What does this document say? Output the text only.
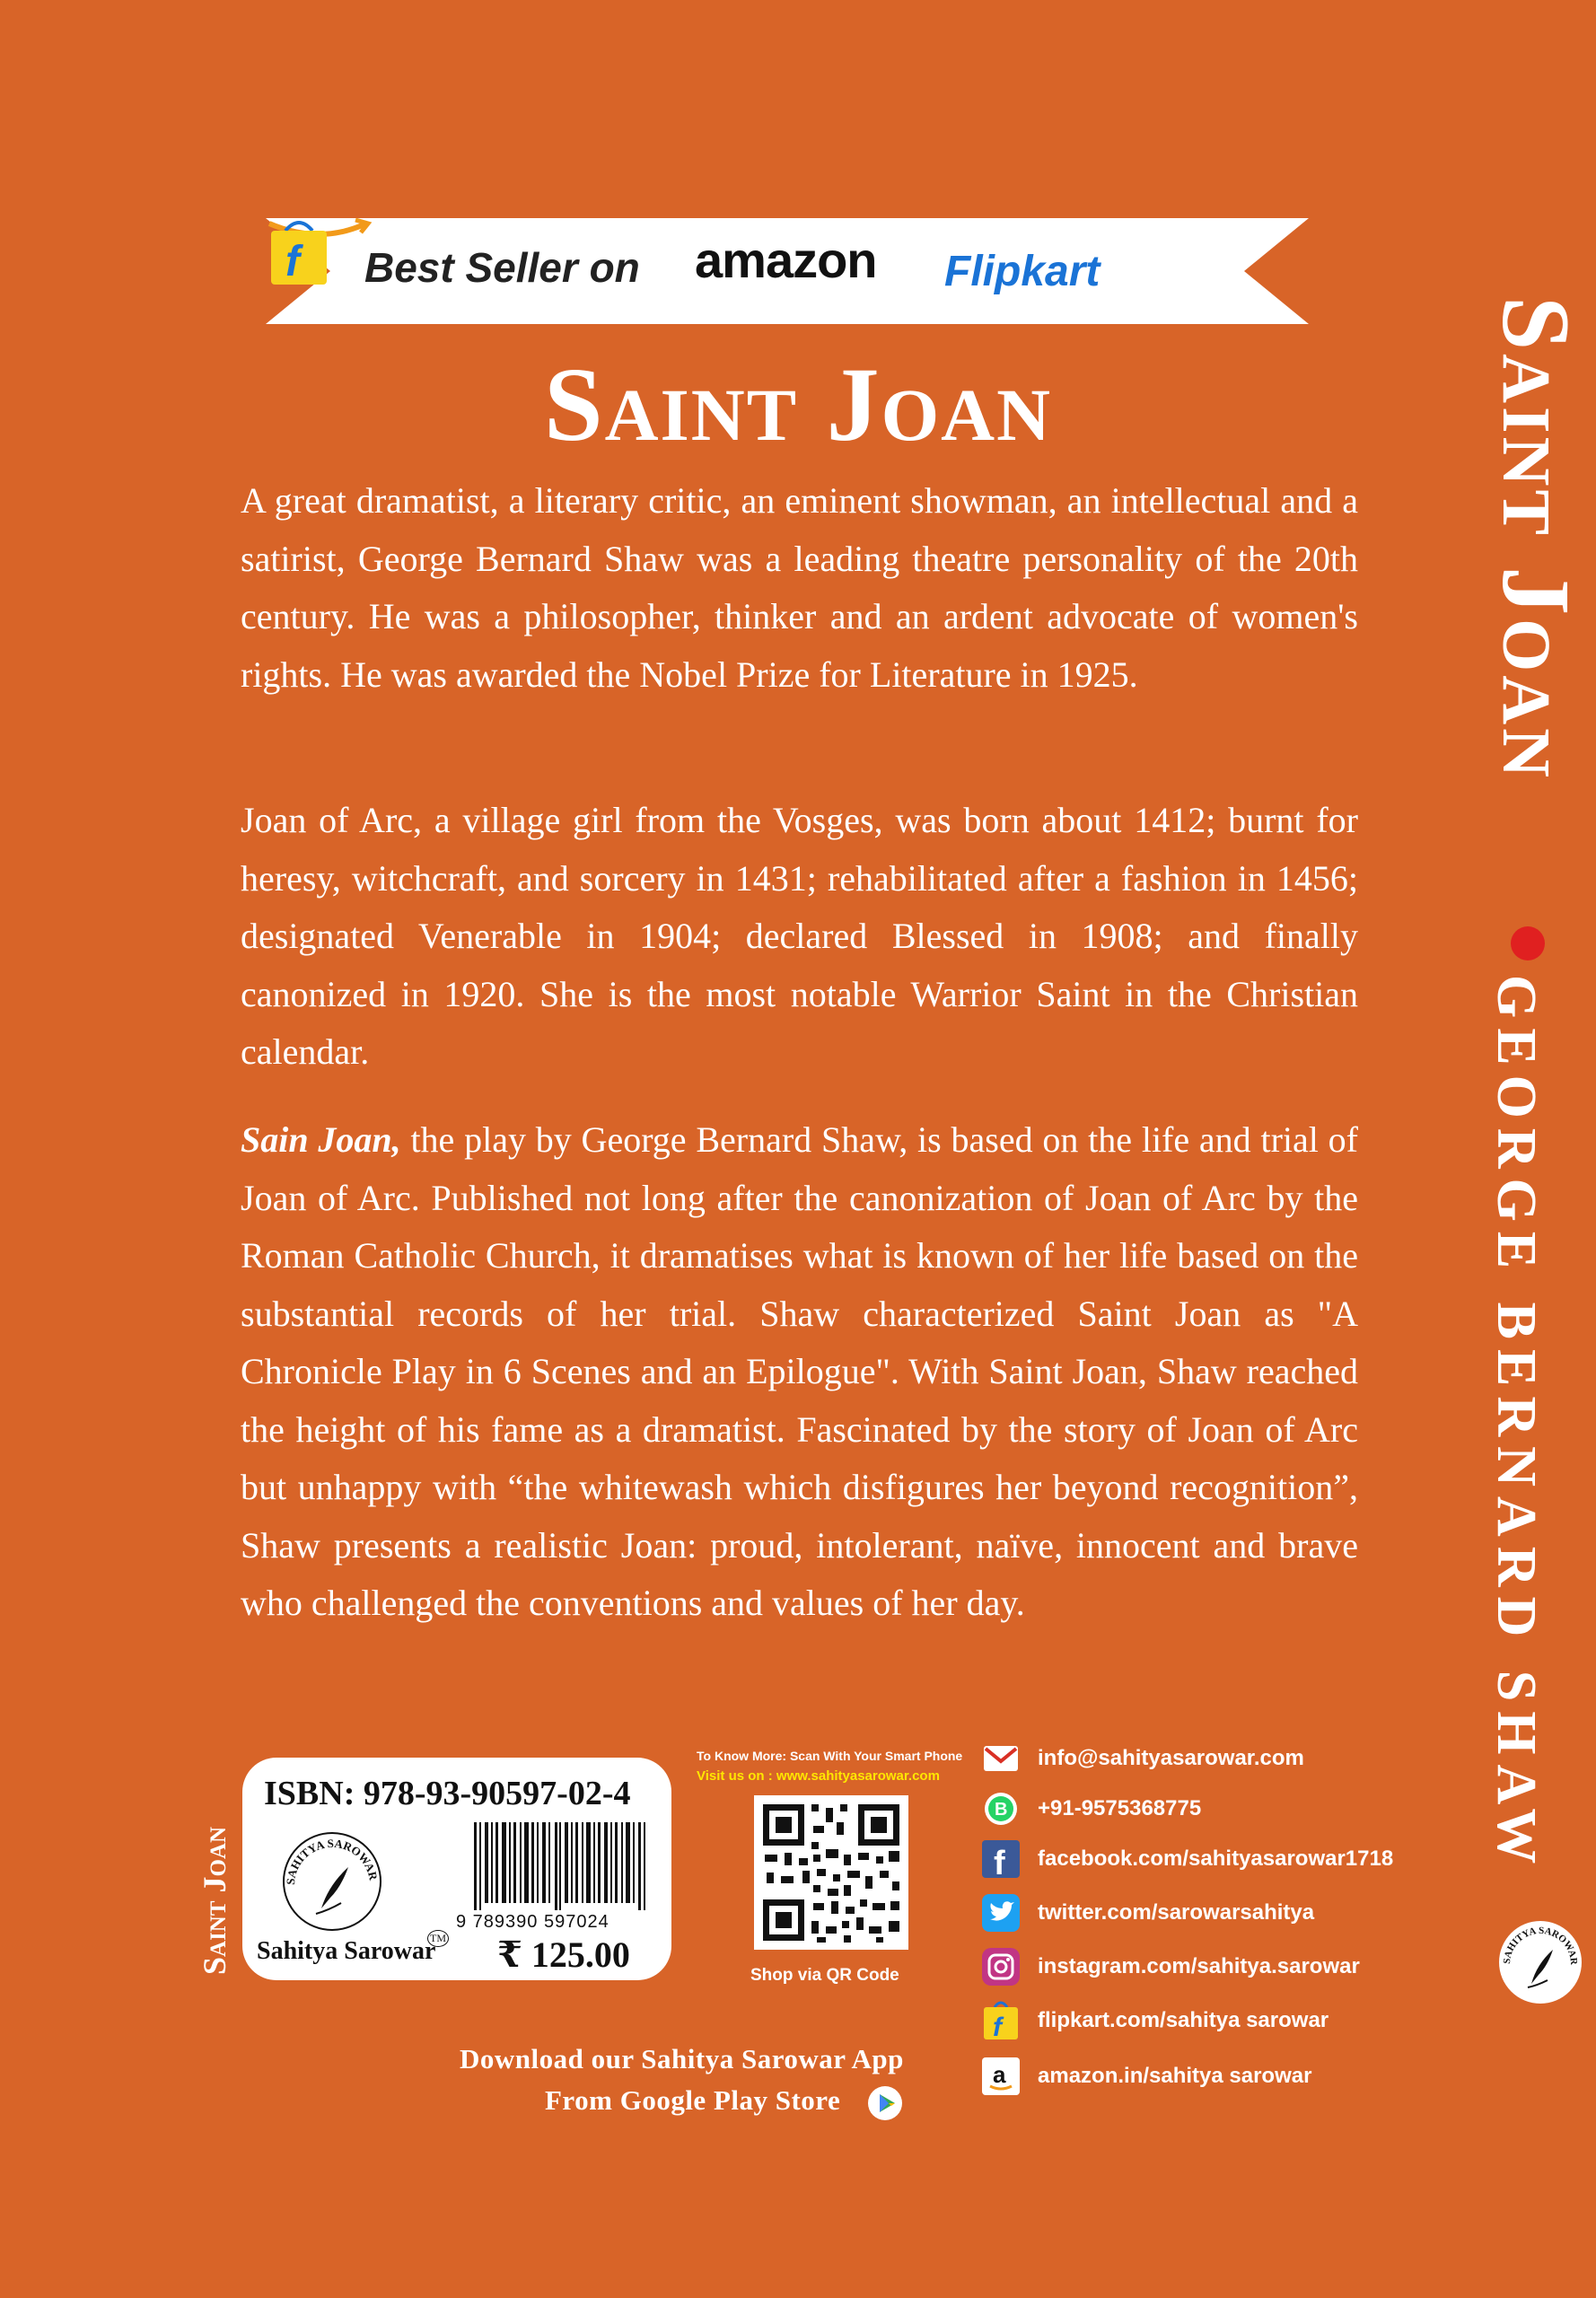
Best Seller on amazon Flipkart
f
Saint Joan

A great dramatist, a literary critic, an eminent showman, an intellectual and a satirist, George Bernard Shaw was a leading theatre personality of the 20th century. He was a philosopher, thinker and an ardent advocate of women's rights. He was awarded the Nobel Prize for Literature in 1925.

Joan of Arc, a village girl from the Vosges, was born about 1412; burnt for heresy, witchcraft, and sorcery in 1431; rehabilitated after a fashion in 1456; designated Venerable in 1904; declared Blessed in 1908; and finally canonized in 1920. She is the most notable Warrior Saint in the Christian calendar.

Sain Joan, the play by George Bernard Shaw, is based on the life and trial of Joan of Arc. Published not long after the canonization of Joan of Arc by the Roman Catholic Church, it dramatises what is known of her life based on the substantial records of her trial. Shaw characterized Saint Joan as "A Chronicle Play in 6 Scenes and an Epilogue". With Saint Joan, Shaw reached the height of his fame as a dramatist. Fascinated by the story of Joan of Arc but unhappy with “the whitewash which disfigures her beyond recognition”, Shaw presents a realistic Joan: proud, intolerant, naïve, innocent and brave who challenged the conventions and values of her day.

Saint Joan
GEORGE BERNARD SHAW
SAHITYA SAROWAR
Saint Joan
ISBN: 978-93-90597-02-4
SAHITYA SAROWAR
9 789390 597024
Sahitya Sarowar
TM ₹ 125.00
To Know More: Scan With Your Smart Phone
Visit us on : www.sahityasarowar.com
Shop via QR Code
Download our Sahitya Sarowar App
From Google Play Store
info@sahityasarowar.com
B +91-9575368775
f facebook.com/sahityasarowar1718
twitter.com/sarowarsahitya
instagram.com/sahitya.sarowar
f flipkart.com/sahitya sarowar
a amazon.in/sahitya sarowar
